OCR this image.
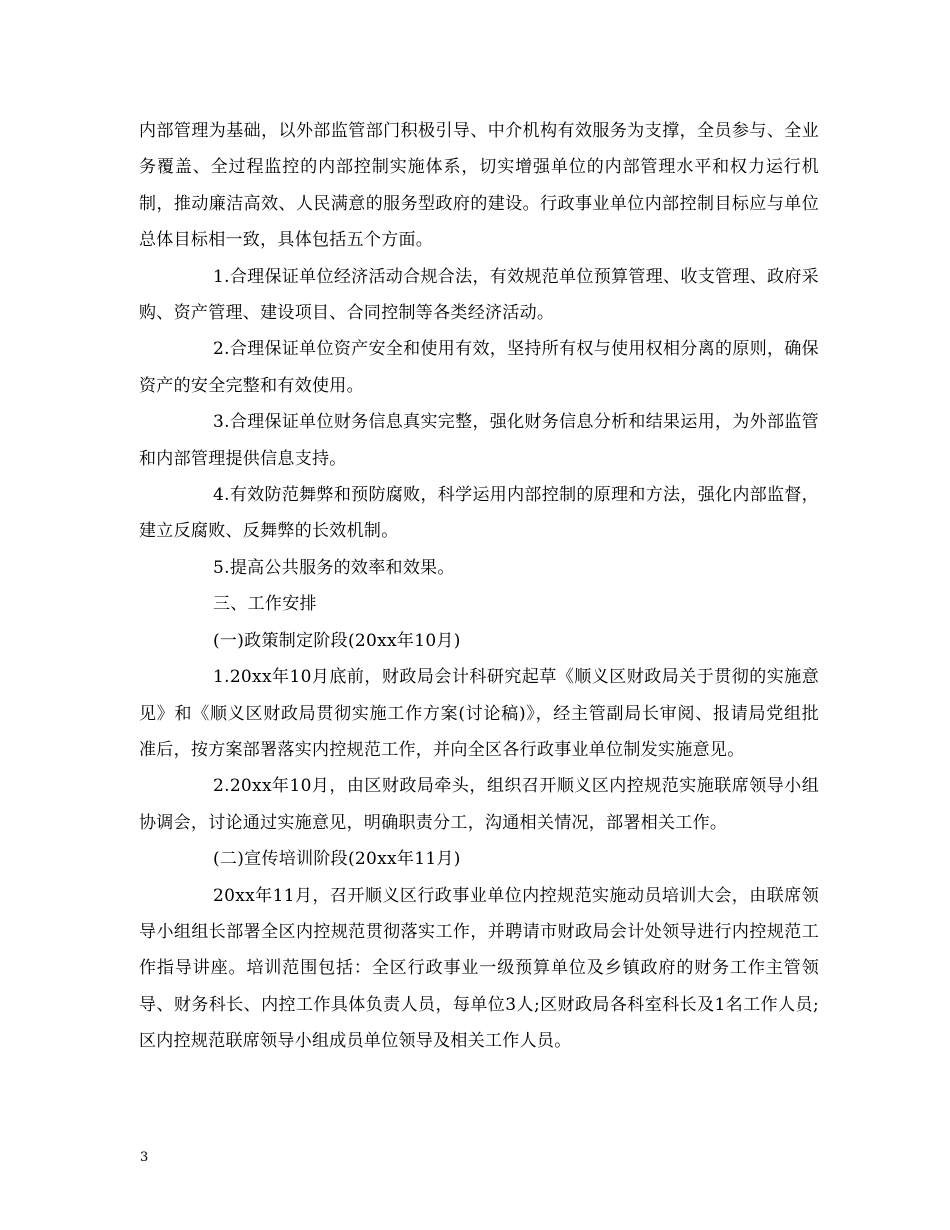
内部管理为基础，以外部监管部门积极引导、中介机构有效服务为支撑，全员参与、全业务覆盖、全过程监控的内部控制实施体系，切实增强单位的内部管理水平和权力运行机制，推动廉洁高效、人民满意的服务型政府的建设。行政事业单位内部控制目标应与单位总体目标相一致，具体包括五个方面。

1.合理保证单位经济活动合规合法，有效规范单位预算管理、收支管理、政府采购、资产管理、建设项目、合同控制等各类经济活动。

2.合理保证单位资产安全和使用有效，坚持所有权与使用权相分离的原则，确保资产的安全完整和有效使用。

3.合理保证单位财务信息真实完整，强化财务信息分析和结果运用，为外部监管和内部管理提供信息支持。

4.有效防范舞弊和预防腐败，科学运用内部控制的原理和方法，强化内部监督，建立反腐败、反舞弊的长效机制。

5.提高公共服务的效率和效果。

三、工作安排

(一)政策制定阶段(20xx年10月)

1.20xx年10月底前，财政局会计科研究起草《顺义区财政局关于贯彻的实施意见》和《顺义区财政局贯彻实施工作方案(讨论稿)》，经主管副局长审阅、报请局党组批准后，按方案部署落实内控规范工作，并向全区各行政事业单位制发实施意见。

2.20xx年10月，由区财政局牵头，组织召开顺义区内控规范实施联席领导小组协调会，讨论通过实施意见，明确职责分工，沟通相关情况，部署相关工作。

(二)宣传培训阶段(20xx年11月)

20xx年11月，召开顺义区行政事业单位内控规范实施动员培训大会，由联席领导小组组长部署全区内控规范贯彻落实工作，并聘请市财政局会计处领导进行内控规范工作指导讲座。培训范围包括：全区行政事业一级预算单位及乡镇政府的财务工作主管领导、财务科长、内控工作具体负责人员，每单位3人;区财政局各科室科长及1名工作人员;区内控规范联席领导小组成员单位领导及相关工作人员。

3
